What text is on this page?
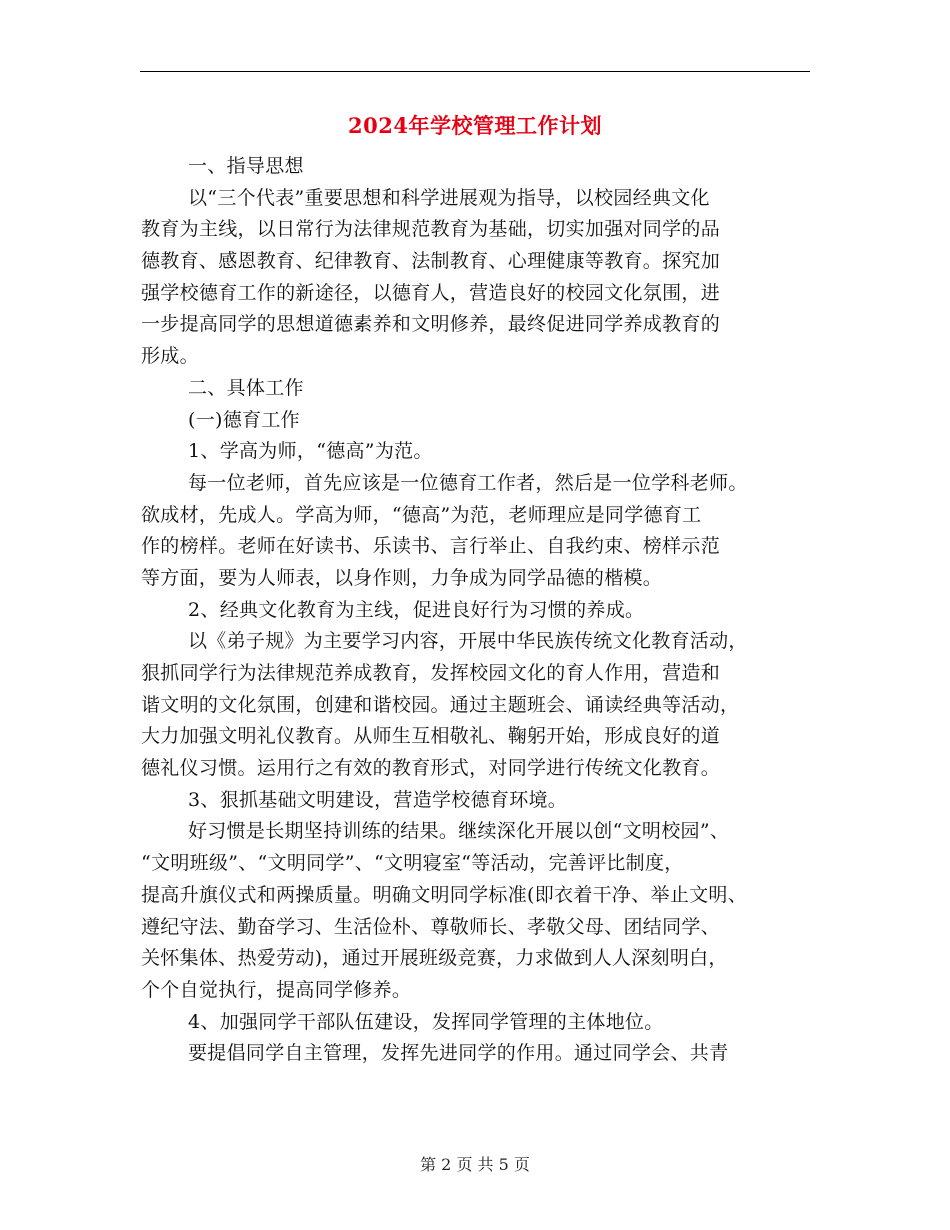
2024年学校管理工作计划
一、指导思想
以“三个代表”重要思想和科学进展观为指导，以校园经典文化
教育为主线，以日常行为法律规范教育为基础，切实加强对同学的品
德教育、感恩教育、纪律教育、法制教育、心理健康等教育。探究加
强学校德育工作的新途径，以德育人，营造良好的校园文化氛围，进
一步提高同学的思想道德素养和文明修养，最终促进同学养成教育的
形成。
二、具体工作
(一)德育工作
1、学高为师，“德高”为范。
每一位老师，首先应该是一位德育工作者，然后是一位学科老师。
欲成材，先成人。学高为师，“德高”为范，老师理应是同学德育工
作的榜样。老师在好读书、乐读书、言行举止、自我约束、榜样示范
等方面，要为人师表，以身作则，力争成为同学品德的楷模。
2、经典文化教育为主线，促进良好行为习惯的养成。
以《弟子规》为主要学习内容，开展中华民族传统文化教育活动，
狠抓同学行为法律规范养成教育，发挥校园文化的育人作用，营造和
谐文明的文化氛围，创建和谐校园。通过主题班会、诵读经典等活动，
大力加强文明礼仪教育。从师生互相敬礼、鞠躬开始，形成良好的道
德礼仪习惯。运用行之有效的教育形式，对同学进行传统文化教育。
3、狠抓基础文明建设，营造学校德育环境。
好习惯是长期坚持训练的结果。继续深化开展以创“文明校园”、
“文明班级”、“文明同学”、“文明寝室“等活动，完善评比制度，
提高升旗仪式和两操质量。明确文明同学标准(即衣着干净、举止文明、
遵纪守法、勤奋学习、生活俭朴、尊敬师长、孝敬父母、团结同学、
关怀集体、热爱劳动)，通过开展班级竞赛，力求做到人人深刻明白，
个个自觉执行，提高同学修养。
4、加强同学干部队伍建设，发挥同学管理的主体地位。
要提倡同学自主管理，发挥先进同学的作用。通过同学会、共青
第 2 页 共 5 页
